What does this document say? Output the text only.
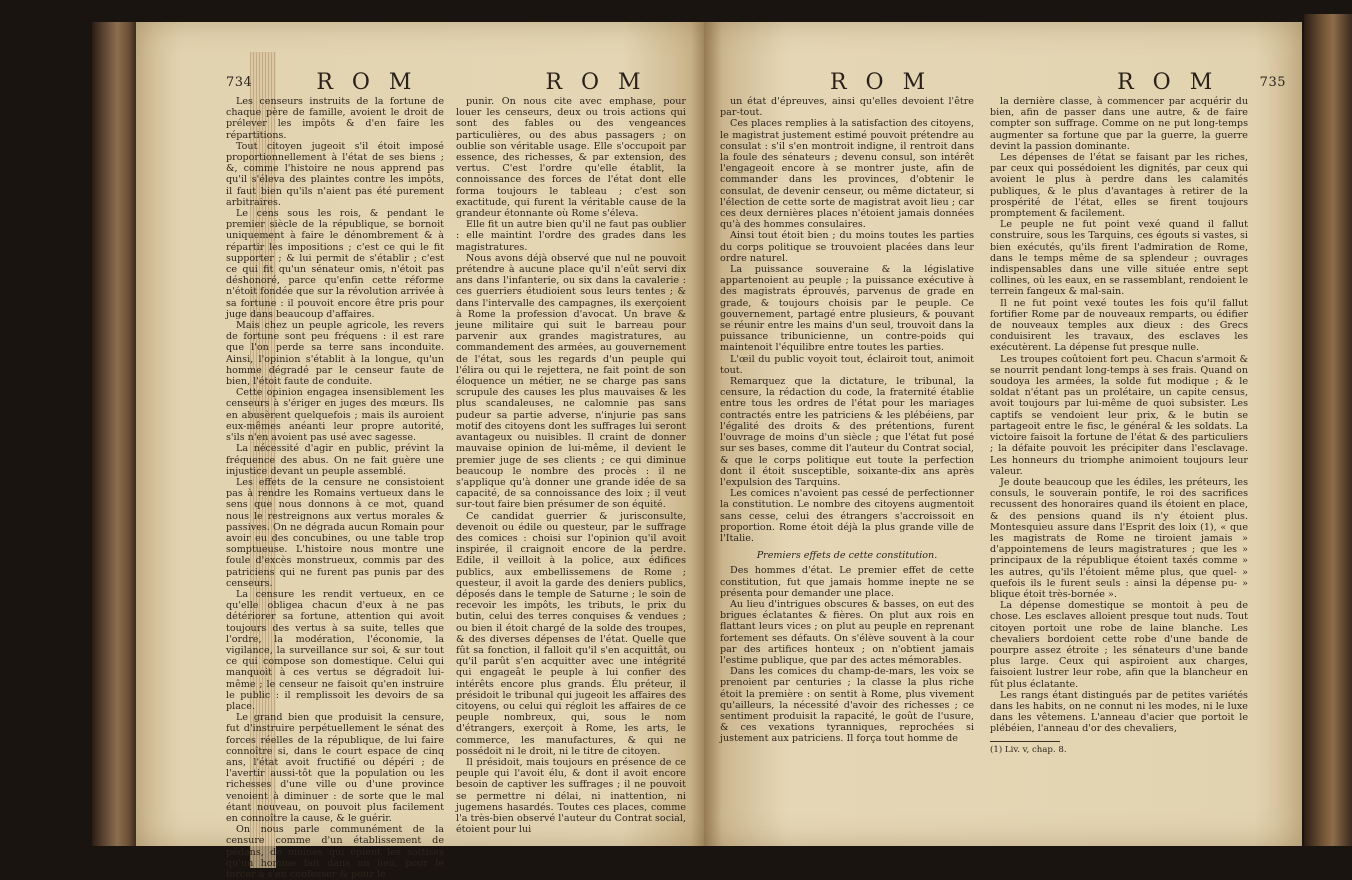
734	R O M	R O M

Les censeurs instruits de la fortune de chaque père de famille, avoient le droit de prélever les impôts & d'en faire les répartitions.

Tout citoyen jugeoit s'il étoit imposé proportionnellement à l'état de ses biens ; &, comme l'histoire ne nous apprend pas qu'il s'éleva des plaintes contre les impôts, il faut bien qu'ils n'aient pas été purement arbitraires.

Le cens sous les rois, & pendant le premier siècle de la république, se bornoit uniquement à faire le dénombrement & à répartir les impositions ; c'est ce qui le fit supporter ; & lui permit de s'établir ; c'est ce qui fit qu'un sénateur omis, n'étoit pas déshonoré, parce qu'enfin cette réforme n'étoit fondée que sur la révolution arrivée à sa fortune : il pouvoit encore être pris pour juge dans beaucoup d'affaires.

Mais chez un peuple agricole, les revers de fortune sont peu fréquens : il est rare que l'on perde sa terre sans inconduite. Ainsi, l'opinion s'établit à la longue, qu'un homme dégradé par le censeur faute de bien, l'étoit faute de conduite.

Cette opinion engagea insensiblement les censeurs à s'ériger en juges des mœurs. Ils en abusèrent quelquefois ; mais ils auroient eux-mêmes anéanti leur propre autorité, s'ils n'en avoient pas usé avec sagesse.

La nécessité d'agir en public, prévint la fréquence des abus. On ne fait guère une injustice devant un peuple assemblé.

Les effets de la censure ne consistoient pas à rendre les Romains vertueux dans le sens que nous donnons à ce mot, quand nous le restreignons aux vertus morales & passives. On ne dégrada aucun Romain pour avoir eu des concubines, ou une table trop somptueuse. L'histoire nous montre une foule d'excès monstrueux, commis par des patriciens qui ne furent pas punis par des censeurs.

La censure les rendit vertueux, en ce qu'elle obligea chacun d'eux à ne pas détériorer sa fortune, attention qui avoit toujours des vertus à sa suite, telles que l'ordre, la modération, l'économie, la vigilance, la surveillance sur soi, & sur tout ce qui compose son domestique. Celui qui manquoit à ces vertus se dégradoit lui-même ; le censeur ne faisoit qu'en instruire le public : il remplissoit les devoirs de sa place.

Le grand bien que produisit la censure, fut d'instruire perpétuellement le sénat des forces réelles de la république, de lui faire connoître si, dans le court espace de cinq ans, l'état avoit fructifié ou dépéri ; de l'avertir aussi-tôt que la population ou les richesses d'une ville ou d'une province venoient à diminuer : de sorte que le mal étant nouveau, on pouvoit plus facilement en connoître la cause, & le guérir.

On nous parle communément de la censure comme d'un établissement de pédans, de moines qui épient les sottises qu'un homme fait dans un lieu, pour le forcer à s'en confesser & pour le

punir. On nous cite avec emphase, pour louer les censeurs, deux ou trois actions qui sont des fables ou des vengeances particulières, ou des abus passagers ; on oublie son véritable usage. Elle s'occupoit par essence, des richesses, & par extension, des vertus. C'est l'ordre qu'elle établit, la connoissance des forces de l'état dont elle forma toujours le tableau ; c'est son exactitude, qui furent la véritable cause de la grandeur étonnante où Rome s'éleva.

Elle fit un autre bien qu'il ne faut pas oublier : elle maintint l'ordre des grades dans les magistratures.

Nous avons déjà observé que nul ne pouvoit prétendre à aucune place qu'il n'eût servi dix ans dans l'infanterie, ou six dans la cavalerie : ces guerriers étudioient sous leurs tentes ; & dans l'intervalle des campagnes, ils exerçoient à Rome la profession d'avocat. Un brave & jeune militaire qui suit le barreau pour parvenir aux grandes magistratures, au commandement des armées, au gouvernement de l'état, sous les regards d'un peuple qui l'élira ou qui le rejettera, ne fait point de son éloquence un métier, ne se charge pas sans scrupule des causes les plus mauvaises & les plus scandaleuses, ne calomnie pas sans pudeur sa partie adverse, n'injurie pas sans motif des citoyens dont les suffrages lui seront avantageux ou nuisibles. Il craint de donner mauvaise opinion de lui-même, il devient le premier juge de ses clients ; ce qui diminue beaucoup le nombre des procès : il ne s'applique qu'à donner une grande idée de sa capacité, de sa connoissance des loix ; il veut sur-tout faire bien présumer de son équité.

Ce candidat guerrier & jurisconsulte, devenoit ou édile ou questeur, par le suffrage des comices : choisi sur l'opinion qu'il avoit inspirée, il craignoit encore de la perdre. Edile, il veilloit à la police, aux édifices publics, aux embellissemens de Rome ; questeur, il avoit la garde des deniers publics, déposés dans le temple de Saturne ; le soin de recevoir les impôts, les tributs, le prix du butin, celui des terres conquises & vendues ; ou bien il étoit chargé de la solde des troupes, & des diverses dépenses de l'état. Quelle que fût sa fonction, il falloit qu'il s'en acquittât, ou qu'il parût s'en acquitter avec une intégrité qui engageât le peuple à lui confier des intérêts encore plus grands. Élu préteur, il présidoit le tribunal qui jugeoit les affaires des citoyens, ou celui qui régloit les affaires de ce peuple nombreux, qui, sous le nom d'étrangers, exerçoit à Rome, les arts, le commerce, les manufactures, & qui ne possédoit ni le droit, ni le titre de citoyen.

Il présidoit, mais toujours en présence de ce peuple qui l'avoit élu, & dont il avoit encore besoin de captiver les suffrages ; il ne pouvoit se permettre ni délai, ni inattention, ni jugemens hasardés. Toutes ces places, comme l'a très-bien observé l'auteur du Contrat social, étoient pour lui

R O M	R O M	735

un état d'épreuves, ainsi qu'elles devoient l'être par-tout.

Ces places remplies à la satisfaction des citoyens, le magistrat justement estimé pouvoit prétendre au consulat : s'il s'en montroit indigne, il rentroit dans la foule des sénateurs ; devenu consul, son intérêt l'engageoit encore à se montrer juste, afin de commander dans les provinces, d'obtenir le consulat, de devenir censeur, ou même dictateur, si l'élection de cette sorte de magistrat avoit lieu ; car ces deux dernières places n'étoient jamais données qu'à des hommes consulaires.

Ainsi tout étoit bien ; du moins toutes les parties du corps politique se trouvoient placées dans leur ordre naturel.

La puissance souveraine & la législative appartenoient au peuple ; la puissance exécutive à des magistrats éprouvés, parvenus de grade en grade, & toujours choisis par le peuple. Ce gouvernement, partagé entre plusieurs, & pouvant se réunir entre les mains d'un seul, trouvoit dans la puissance tribunicienne, un contre-poids qui maintenoit l'équilibre entre toutes les parties.

L'œil du public voyoit tout, éclairoit tout, animoit tout.

Remarquez que la dictature, le tribunal, la censure, la rédaction du code, la fraternité établie entre tous les ordres de l'état pour les mariages contractés entre les patriciens & les plébéiens, par l'égalité des droits & des prétentions, furent l'ouvrage de moins d'un siècle ; que l'état fut posé sur ses bases, comme dit l'auteur du Contrat social, & que le corps politique eut toute la perfection dont il étoit susceptible, soixante-dix ans après l'expulsion des Tarquins.

Les comices n'avoient pas cessé de perfectionner la constitution. Le nombre des citoyens augmentoit sans cesse, celui des étrangers s'accroissoit en proportion. Rome étoit déjà la plus grande ville de l'Italie.

Premiers effets de cette constitution.

Des hommes d'état. Le premier effet de cette constitution, fut que jamais homme inepte ne se présenta pour demander une place.

Au lieu d'intrigues obscures & basses, on eut des brigues éclatantes & fières. On plut aux rois en flattant leurs vices ; on plut au peuple en reprenant fortement ses défauts. On s'élève souvent à la cour par des artifices honteux ; on n'obtient jamais l'estime publique, que par des actes mémorables.

Dans les comices du champ-de-mars, les voix se prenoient par centuries ; la classe la plus riche étoit la première : on sentit à Rome, plus vivement qu'ailleurs, la nécessité d'avoir des richesses ; ce sentiment produisit la rapacité, le goût de l'usure, & ces vexations tyranniques, reprochées si justement aux patriciens. Il força tout homme de

la dernière classe, à commencer par acquérir du bien, afin de passer dans une autre, & de faire compter son suffrage. Comme on ne put long-temps augmenter sa fortune que par la guerre, la guerre devint la passion dominante.

Les dépenses de l'état se faisant par les riches, par ceux qui possédoient les dignités, par ceux qui avoient le plus à perdre dans les calamités publiques, & le plus d'avantages à retirer de la prospérité de l'état, elles se firent toujours promptement & facilement.

Le peuple ne fut point vexé quand il fallut construire, sous les Tarquins, ces égouts si vastes, si bien exécutés, qu'ils firent l'admiration de Rome, dans le temps même de sa splendeur ; ouvrages indispensables dans une ville située entre sept collines, où les eaux, en se rassemblant, rendoient le terrein fangeux & mal-sain.

Il ne fut point vexé toutes les fois qu'il fallut fortifier Rome par de nouveaux remparts, ou édifier de nouveaux temples aux dieux : des Grecs conduisirent les travaux, des esclaves les exécutèrent. La dépense fut presque nulle.

Les troupes coûtoient fort peu. Chacun s'armoit & se nourrit pendant long-temps à ses frais. Quand on soudoya les armées, la solde fut modique ; & le soldat n'étant pas un prolétaire, un capite census, avoit toujours par lui-même de quoi subsister. Les captifs se vendoient leur prix, & le butin se partageoit entre le fisc, le général & les soldats. La victoire faisoit la fortune de l'état & des particuliers ; la défaite pouvoit les précipiter dans l'esclavage. Les honneurs du triomphe animoient toujours leur valeur.

Je doute beaucoup que les édiles, les préteurs, les consuls, le souverain pontife, le roi des sacrifices recussent des honoraires quand ils étoient en place, & des pensions quand ils n'y étoient plus. Montesquieu assure dans l'Esprit des loix (1), « que les magistrats de Rome ne tiroient jamais » d'appointemens de leurs magistratures ; que les » principaux de la république étoient taxés comme » les autres, qu'ils l'étoient même plus, que quel- » quefois ils le furent seuls : ainsi la dépense pu- » blique étoit très-bornée ».

La dépense domestique se montoit à peu de chose. Les esclaves alloient presque tout nuds. Tout citoyen portoit une robe de laine blanche. Les chevaliers bordoient cette robe d'une bande de pourpre assez étroite ; les sénateurs d'une bande plus large. Ceux qui aspiroient aux charges, faisoient lustrer leur robe, afin que la blancheur en fût plus éclatante.

Les rangs étant distingués par de petites variétés dans les habits, on ne connut ni les modes, ni le luxe dans les vêtemens. L'anneau d'acier que portoit le plébéien, l'anneau d'or des chevaliers,

(1) Liv. v, chap. 8.
